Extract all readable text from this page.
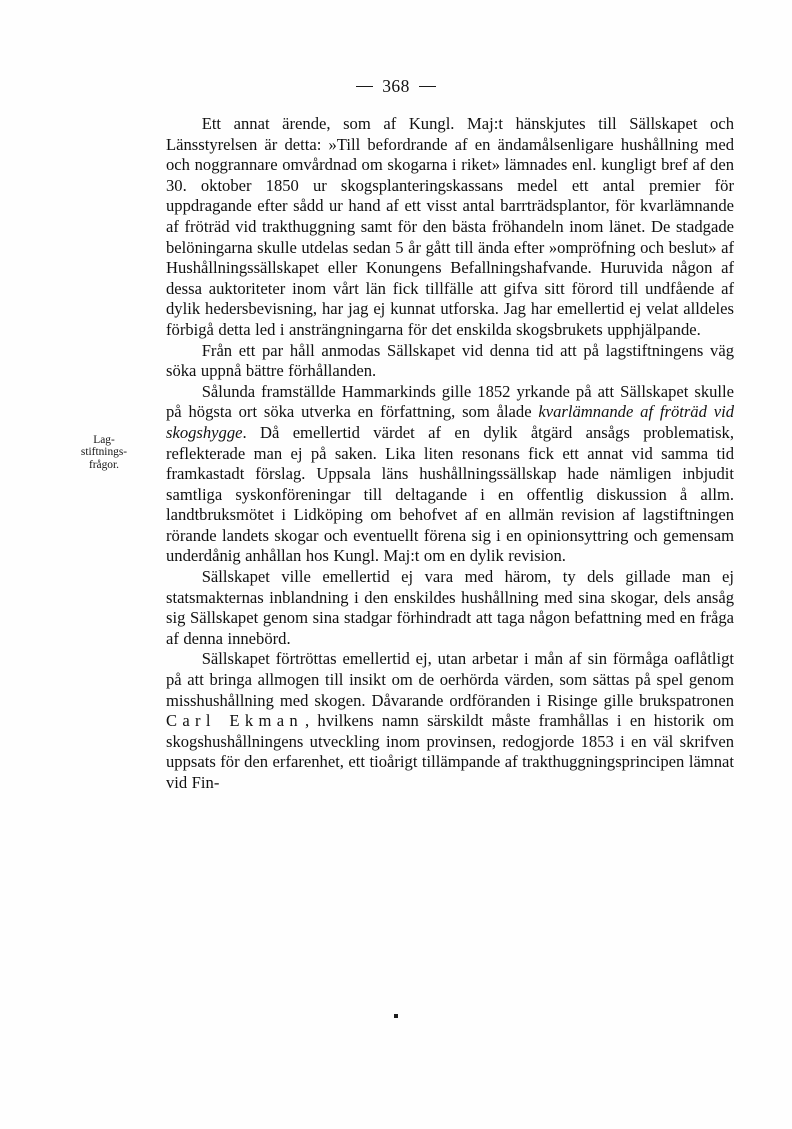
368
Lag-
stiftnings-
frågor.

Ett annat ärende, som af Kungl. Maj:t hänskjutes till Sällskapet och Länsstyrelsen är detta: »Till befordrande af en ändamålsenligare hushållning med och noggrannare omvårdnad om skogarna i riket» lämnades enl. kungligt bref af den 30. oktober 1850 ur skogsplanteringskassans medel ett antal premier för uppdragande efter sådd ur hand af ett visst antal barrträdsplantor, för kvarlämnande af fröträd vid trakthuggning samt för den bästa fröhandeln inom länet. De stadgade belöningarna skulle utdelas sedan 5 år gått till ända efter »ompröfning och beslut» af Hushållningssällskapet eller Konungens Befallningshafvande. Huruvida någon af dessa auktoriteter inom vårt län fick tillfälle att gifva sitt förord till undfående af dylik hedersbevisning, har jag ej kunnat utforska. Jag har emellertid ej velat alldeles förbigå detta led i ansträngningarna för det enskilda skogsbrukets upphjälpande.

Från ett par håll anmodas Sällskapet vid denna tid att på lagstiftningens väg söka uppnå bättre förhållanden.

Sålunda framställde Hammarkinds gille 1852 yrkande på att Sällskapet skulle på högsta ort söka utverka en författning, som ålade kvarlämnande af fröträd vid skogshygge. Då emellertid värdet af en dylik åtgärd ansågs problematisk, reflekterade man ej på saken. Lika liten resonans fick ett annat vid samma tid framkastadt förslag. Uppsala läns hushållningssällskap hade nämligen inbjudit samtliga syskonföreningar till deltagande i en offentlig diskussion å allm. landtbruksmötet i Lidköping om behofvet af en allmän revision af lagstiftningen rörande landets skogar och eventuellt förena sig i en opinionsyttring och gemensam underdånig anhållan hos Kungl. Maj:t om en dylik revision.

Sällskapet ville emellertid ej vara med härom, ty dels gillade man ej statsmakternas inblandning i den enskildes hushållning med sina skogar, dels ansåg sig Sällskapet genom sina stadgar förhindradt att taga någon befattning med en fråga af denna innebörd.

Sällskapet förtröttas emellertid ej, utan arbetar i mån af sin förmåga oaflåtligt på att bringa allmogen till insikt om de oerhörda värden, som sättas på spel genom misshushållning med skogen. Dåvarande ordföranden i Risinge gille brukspatronen Carl Ekman , hvilkens namn särskildt måste framhållas i en historik om skogshushållningens utveckling inom provinsen, redogjorde 1853 i en väl skrifven uppsats för den erfarenhet, ett tioårigt tillämpande af trakthuggningsprincipen lämnat vid Fin-
